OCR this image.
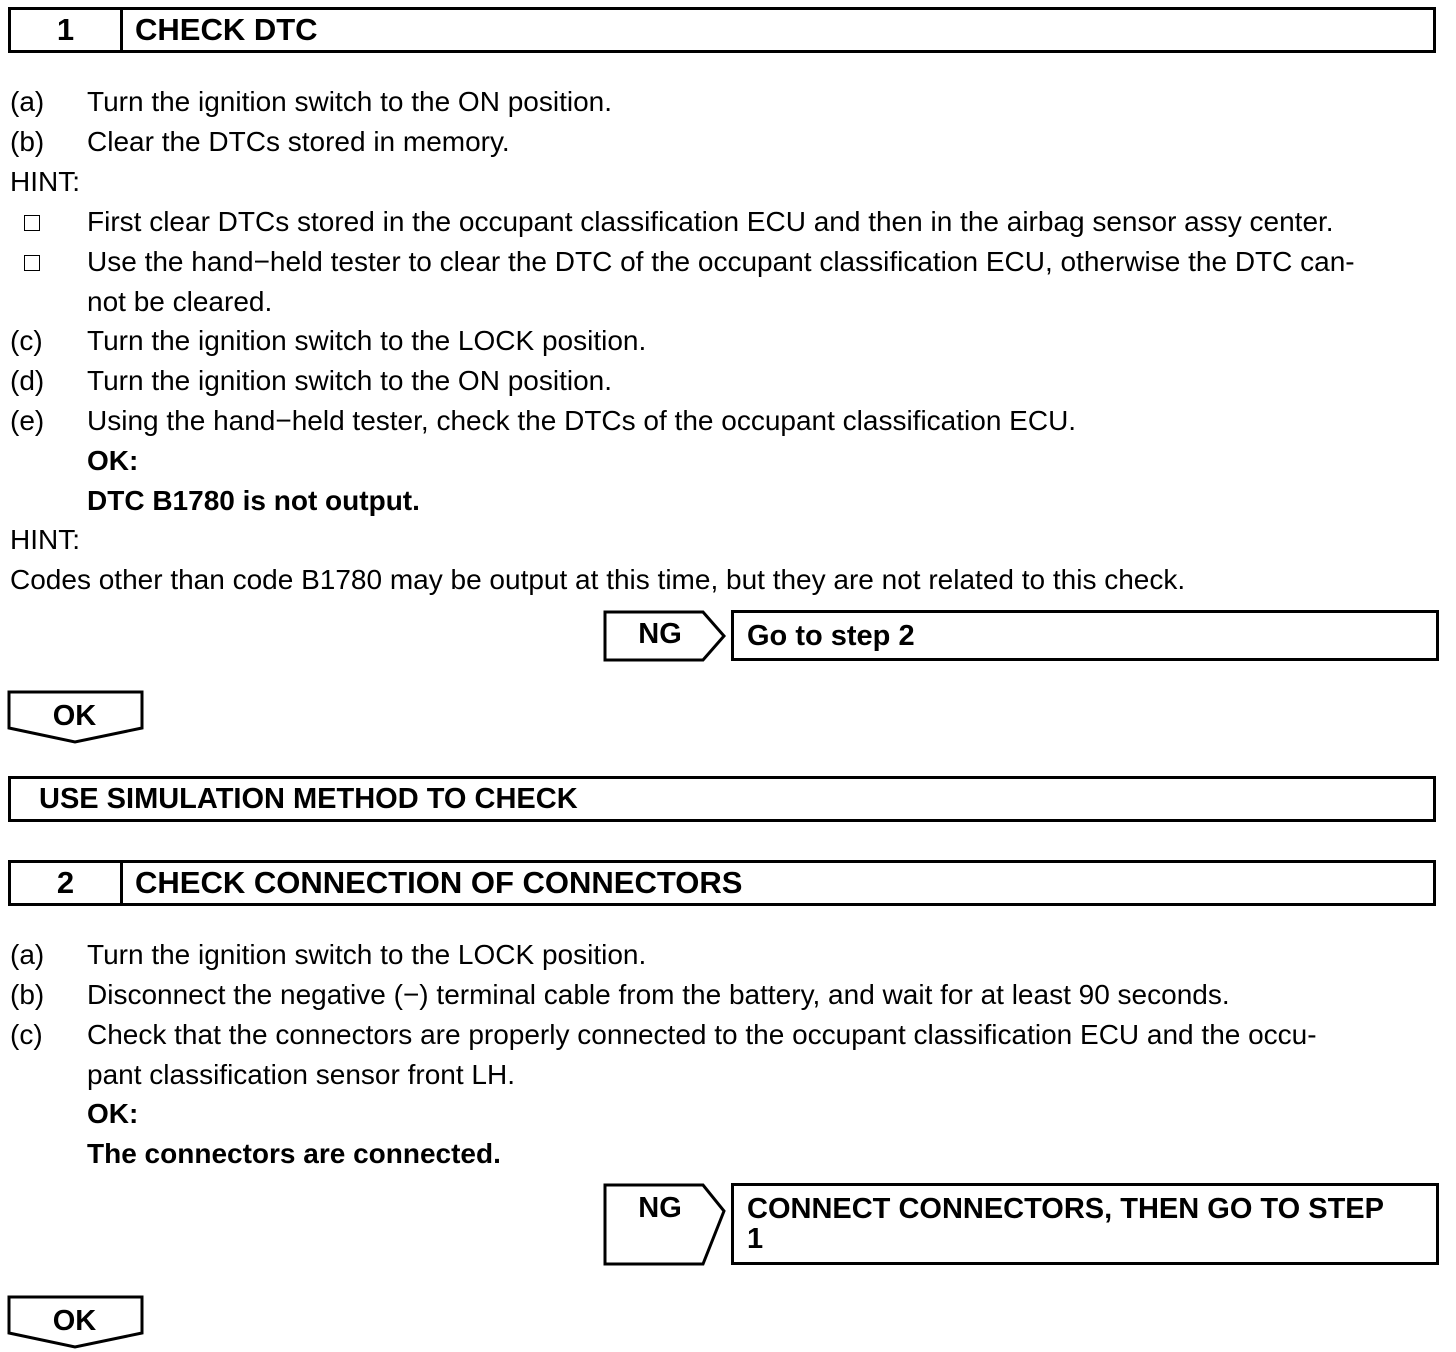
1	CHECK DTC
(a) Turn the ignition switch to the ON position.
(b) Clear the DTCs stored in memory.
HINT:
First clear DTCs stored in the occupant classification ECU and then in the airbag sensor assy center.
Use the hand−held tester to clear the DTC of the occupant classification ECU, otherwise the DTC can-
not be cleared.
(c) Turn the ignition switch to the LOCK position.
(d) Turn the ignition switch to the ON position.
(e) Using the hand−held tester, check the DTCs of the occupant classification ECU.
OK:
DTC B1780 is not output.
HINT:
Codes other than code B1780 may be output at this time, but they are not related to this check.
NG	Go to step 2
OK
USE SIMULATION METHOD TO CHECK
2	CHECK CONNECTION OF CONNECTORS
(a) Turn the ignition switch to the LOCK position.
(b) Disconnect the negative (−) terminal cable from the battery, and wait for at least 90 seconds.
(c) Check that the connectors are properly connected to the occupant classification ECU and the occu-
pant classification sensor front LH.
OK:
The connectors are connected.
NG	CONNECT CONNECTORS, THEN GO TO STEP
1
OK
